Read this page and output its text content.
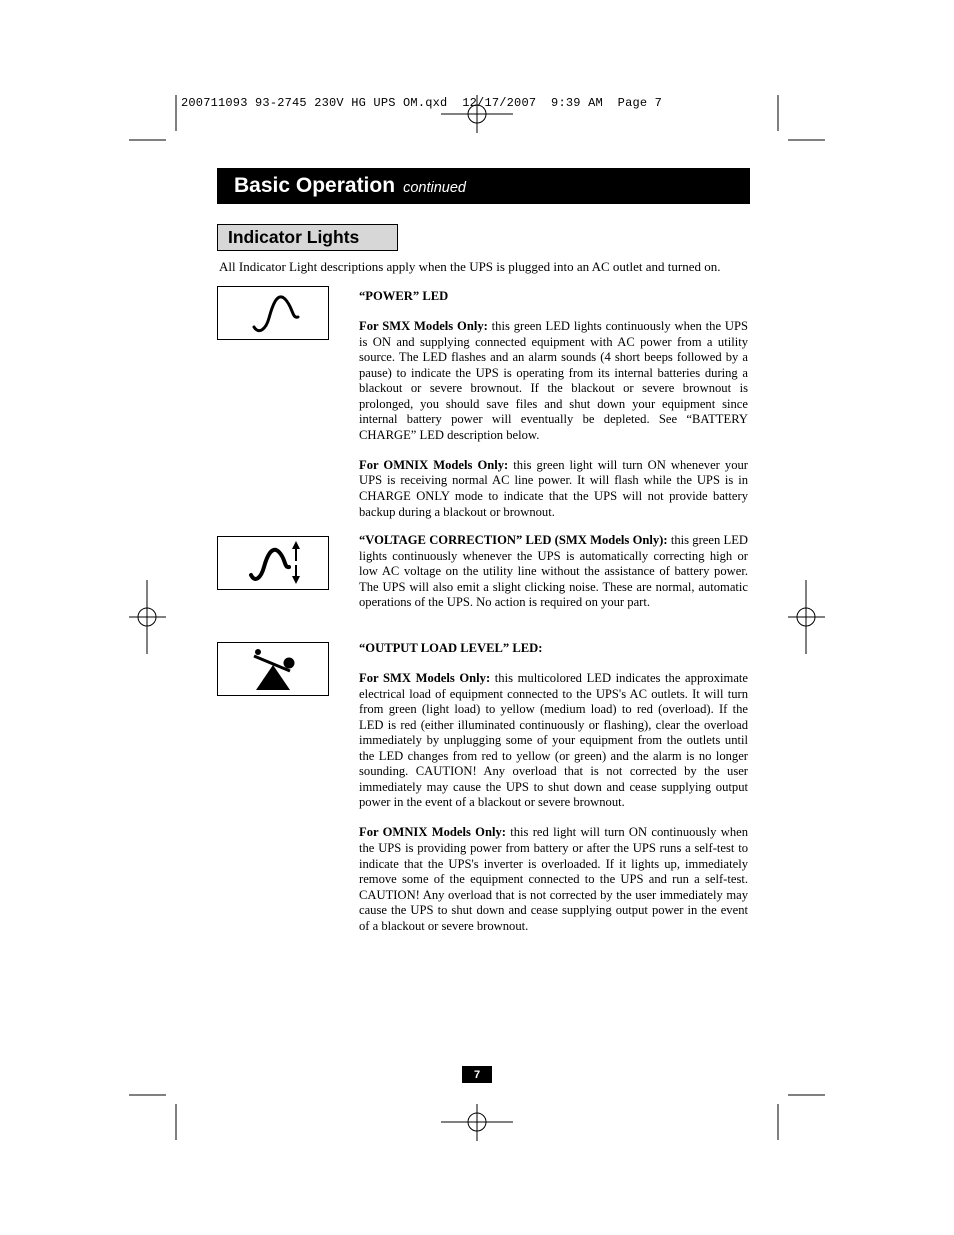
200711093 93-2745 230V HG UPS OM.qxd  12/17/2007  9:39 AM  Page 7
Basic Operation continued
Indicator Lights
All Indicator Light descriptions apply when the UPS is plugged into an AC outlet and turned on.

“POWER” LED

For SMX Models Only: this green LED lights continuously when the UPS is ON and supplying connected equipment with AC power from a utility source. The LED flashes and an alarm sounds (4 short beeps followed by a pause) to indicate the UPS is operating from its internal batteries during a blackout or severe brownout. If the blackout or severe brownout is prolonged, you should save files and shut down your equipment since internal battery power will eventually be depleted. See “BATTERY CHARGE” LED description below.

For OMNIX Models Only: this green light will turn ON whenever your UPS is receiving normal AC line power. It will flash while the UPS is in CHARGE ONLY mode to indicate that the UPS will not provide battery backup during a blackout or brownout.

“VOLTAGE CORRECTION” LED (SMX Models Only): this green LED lights continuously whenever the UPS is automatically correcting high or low AC voltage on the utility line without the assistance of battery power. The UPS will also emit a slight clicking noise. These are normal, automatic operations of the UPS. No action is required on your part.

“OUTPUT LOAD LEVEL” LED:

For SMX Models Only: this multicolored LED indicates the approximate electrical load of equipment connected to the UPS's AC outlets. It will turn from green (light load) to yellow (medium load) to red (overload). If the LED is red (either illuminated continuously or flashing), clear the overload immediately by unplugging some of your equipment from the outlets until the LED changes from red to yellow (or green) and the alarm is no longer sounding. CAUTION! Any overload that is not corrected by the user immediately may cause the UPS to shut down and cease supplying output power in the event of a blackout or severe brownout.

For OMNIX Models Only: this red light will turn ON continuously when the UPS is providing power from battery or after the UPS runs a self-test to indicate that the UPS's inverter is overloaded. If it lights up, immediately remove some of the equipment connected to the UPS and run a self-test. CAUTION! Any overload that is not corrected by the user immediately may cause the UPS to shut down and cease supplying output power in the event of a blackout or severe brownout.

7
